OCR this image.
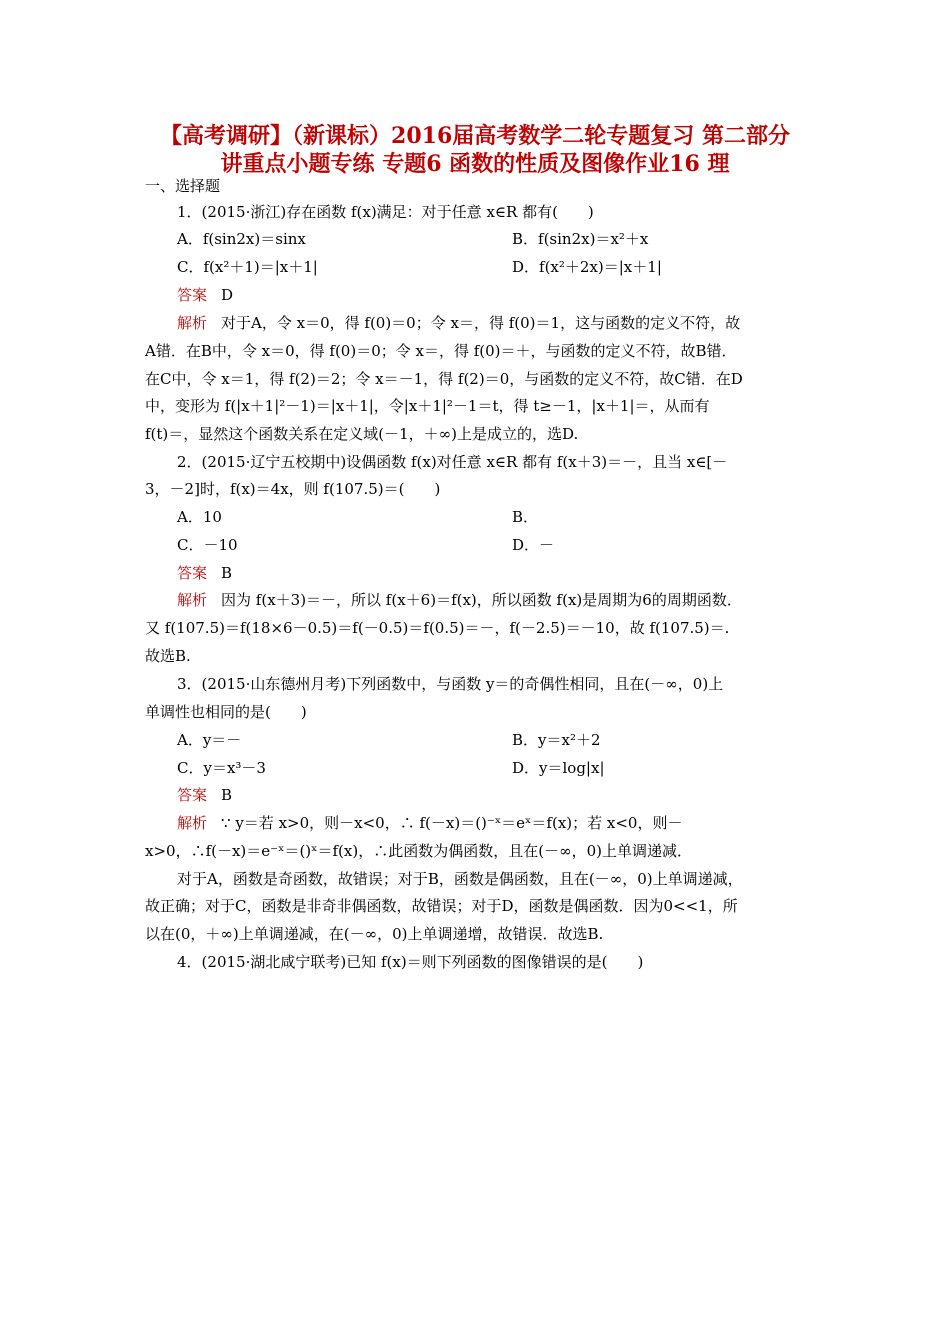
【高考调研】（新课标）2016届高考数学二轮专题复习 第二部分
讲重点小题专练 专题6 函数的性质及图像作业16 理
一、选择题
1．(2015·浙江)存在函数 f(x)满足：对于任意 x∈R 都有(　　)
A．f(sin2x)＝sinx	B．f(sin2x)＝x²＋x
C．f(x²＋1)＝|x＋1|	D．f(x²＋2x)＝|x＋1|
答案 D
解析 对于A，令 x＝0，得 f(0)＝0；令 x＝，得 f(0)＝1，这与函数的定义不符，故
A错．在B中，令 x＝0，得 f(0)＝0；令 x＝，得 f(0)＝＋，与函数的定义不符，故B错．
在C中，令 x＝1，得 f(2)＝2；令 x＝－1，得 f(2)＝0，与函数的定义不符，故C错．在D
中，变形为 f(|x＋1|²－1)＝|x＋1|，令|x＋1|²－1＝t，得 t≥－1，|x＋1|＝，从而有
f(t)＝，显然这个函数关系在定义域(－1，＋∞)上是成立的，选D.
2．(2015·辽宁五校期中)设偶函数 f(x)对任意 x∈R 都有 f(x＋3)＝－，且当 x∈[－
3，－2]时，f(x)＝4x，则 f(107.5)＝(　　)
A．10	B．
C．－10	D．－
答案 B
解析 因为 f(x＋3)＝－，所以 f(x＋6)＝f(x)，所以函数 f(x)是周期为6的周期函数．
又 f(107.5)＝f(18×6－0.5)＝f(－0.5)＝f(0.5)＝－，f(－2.5)＝－10，故 f(107.5)＝.
故选B.
3．(2015·山东德州月考)下列函数中，与函数 y＝的奇偶性相同，且在(－∞，0)上
单调性也相同的是(　　)
A．y＝－	B．y＝x²＋2
C．y＝x³－3	D．y＝log|x|
答案 B
解析 ∵ y＝若 x>0，则－x<0，∴ f(－x)＝()⁻ˣ＝eˣ＝f(x)；若 x<0，则－
x>0，∴f(－x)＝e⁻ˣ＝()ˣ＝f(x)，∴此函数为偶函数，且在(－∞，0)上单调递减．
对于A，函数是奇函数，故错误；对于B，函数是偶函数，且在(－∞，0)上单调递减，
故正确；对于C，函数是非奇非偶函数，故错误；对于D，函数是偶函数．因为0<<1，所
以在(0，＋∞)上单调递减，在(－∞，0)上单调递增，故错误．故选B.
4．(2015·湖北咸宁联考)已知 f(x)＝则下列函数的图像错误的是(　　)
